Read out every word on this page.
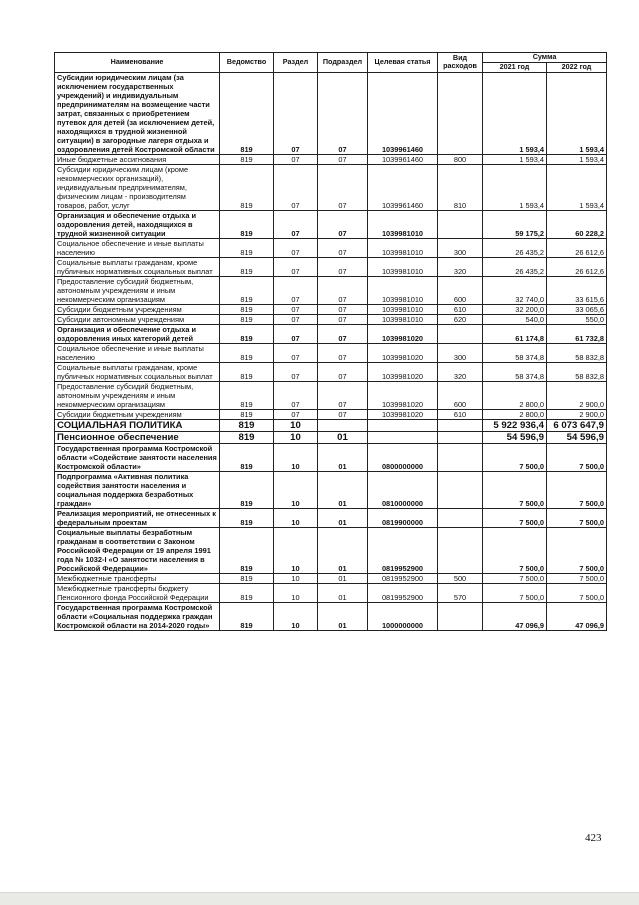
Наименование	Ведомство	Раздел	Подраздел	Целевая статья	Вид расходов	Сумма	
						2021 год	2022 год
Субсидии юридическим лицам (за исключением государственных учреждений) и индивидуальным предпринимателям на возмещение части затрат, связанных с приобретением путевок для детей (за исключением детей, находящихся в трудной жизненной ситуации) в загородные лагеря отдыха и оздоровления детей Костромской области	819	07	07	1039961460		1 593,4	1 593,4
Иные бюджетные ассигнования	819	07	07	1039961460	800	1 593,4	1 593,4
Субсидии юридическим лицам (кроме некоммерческих организаций), индивидуальным предпринимателям, физическим лицам - производителям товаров, работ, услуг	819	07	07	1039961460	810	1 593,4	1 593,4
Организация и обеспечение отдыха и оздоровления детей, находящихся в трудной жизненной ситуации	819	07	07	1039981010		59 175,2	60 228,2
Социальное обеспечение и иные выплаты населению	819	07	07	1039981010	300	26 435,2	26 612,6
Социальные выплаты гражданам, кроме публичных нормативных социальных выплат	819	07	07	1039981010	320	26 435,2	26 612,6
Предоставление субсидий бюджетным, автономным учреждениям и иным некоммерческим организациям	819	07	07	1039981010	600	32 740,0	33 615,6
Субсидии бюджетным учреждениям	819	07	07	1039981010	610	32 200,0	33 065,6
Субсидии автономным учреждениям	819	07	07	1039981010	620	540,0	550,0
Организация и обеспечение отдыха и оздоровления иных категорий детей	819	07	07	1039981020		61 174,8	61 732,8
Социальное обеспечение и иные выплаты населению	819	07	07	1039981020	300	58 374,8	58 832,8
Социальные выплаты гражданам, кроме публичных нормативных социальных выплат	819	07	07	1039981020	320	58 374,8	58 832,8
Предоставление субсидий бюджетным, автономным учреждениям и иным некоммерческим организациям	819	07	07	1039981020	600	2 800,0	2 900,0
Субсидии бюджетным учреждениям	819	07	07	1039981020	610	2 800,0	2 900,0
СОЦИАЛЬНАЯ ПОЛИТИКА	819	10				5 922 936,4	6 073 647,9
Пенсионное обеспечение	819	10	01			54 596,9	54 596,9
Государственная программа Костромской области «Содействие занятости населения Костромской области»	819	10	01	0800000000		7 500,0	7 500,0
Подпрограмма «Активная политика содействия занятости населения и социальная поддержка безработных граждан»	819	10	01	0810000000		7 500,0	7 500,0
Реализация мероприятий, не отнесенных к федеральным проектам	819	10	01	0819900000		7 500,0	7 500,0
Социальные выплаты безработным гражданам в соответствии с Законом Российской Федерации от 19 апреля 1991 года № 1032-I «О занятости населения в Российской Федерации»	819	10	01	0819952900		7 500,0	7 500,0
Межбюджетные трансферты	819	10	01	0819952900	500	7 500,0	7 500,0
Межбюджетные трансферты бюджету Пенсионного фонда Российской Федерации	819	10	01	0819952900	570	7 500,0	7 500,0
Государственная программа Костромской области «Социальная поддержка граждан Костромской области на 2014-2020 годы»	819	10	01	1000000000		47 096,9	47 096,9
423
